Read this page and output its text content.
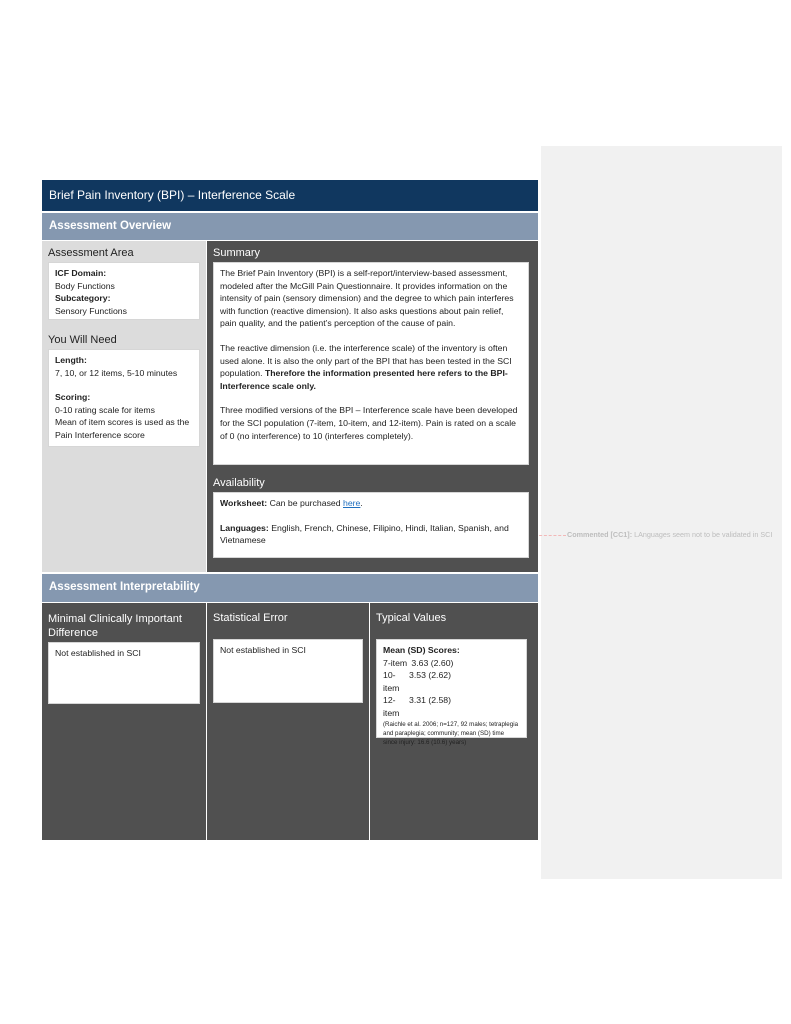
Commented [CC1]: LAnguages seem not to be validated in SCI
Brief Pain Inventory (BPI) – Interference Scale
Assessment Overview
Assessment Area

ICF Domain:

Body Functions

Subcategory:

Sensory Functions

You Will Need

Length:

7, 10, or 12 items, 5-10 minutes

Scoring:

0-10 rating scale for items

Mean of item scores is used as the Pain Interference score

Summary

The Brief Pain Inventory (BPI) is a self-report/interview-based assessment, modeled after the McGill Pain Questionnaire. It provides information on the intensity of pain (sensory dimension) and the degree to which pain interferes with function (reactive dimension). It also asks questions about pain relief, pain quality, and the patient’s perception of the cause of pain.

The reactive dimension (i.e. the interference scale) of the inventory is often used alone. It is also the only part of the BPI that has been tested in the SCI population. Therefore the information presented here refers to the BPI-Interference scale only.

Three modified versions of the BPI – Interference scale have been developed for the SCI population (7-item, 10-item, and 12-item). Pain is rated on a scale of 0 (no interference) to 10 (interferes completely).

Availability

Worksheet: Can be purchased here.

Languages: English, French, Chinese, Filipino, Hindi, Italian, Spanish, and Vietnamese

Assessment Interpretability
Minimal Clinically Important Difference

Not established in SCI

Statistical Error

Not established in SCI

Typical Values

Mean (SD) Scores:

7-item
3.63 (2.60)
10-item
3.53 (2.62)
12-item
3.31 (2.58)

(Raichle et al. 2006; n=127, 92 males; tetraplegia and paraplegia; community; mean (SD) time since injury: 16.6 (10.6) years)
